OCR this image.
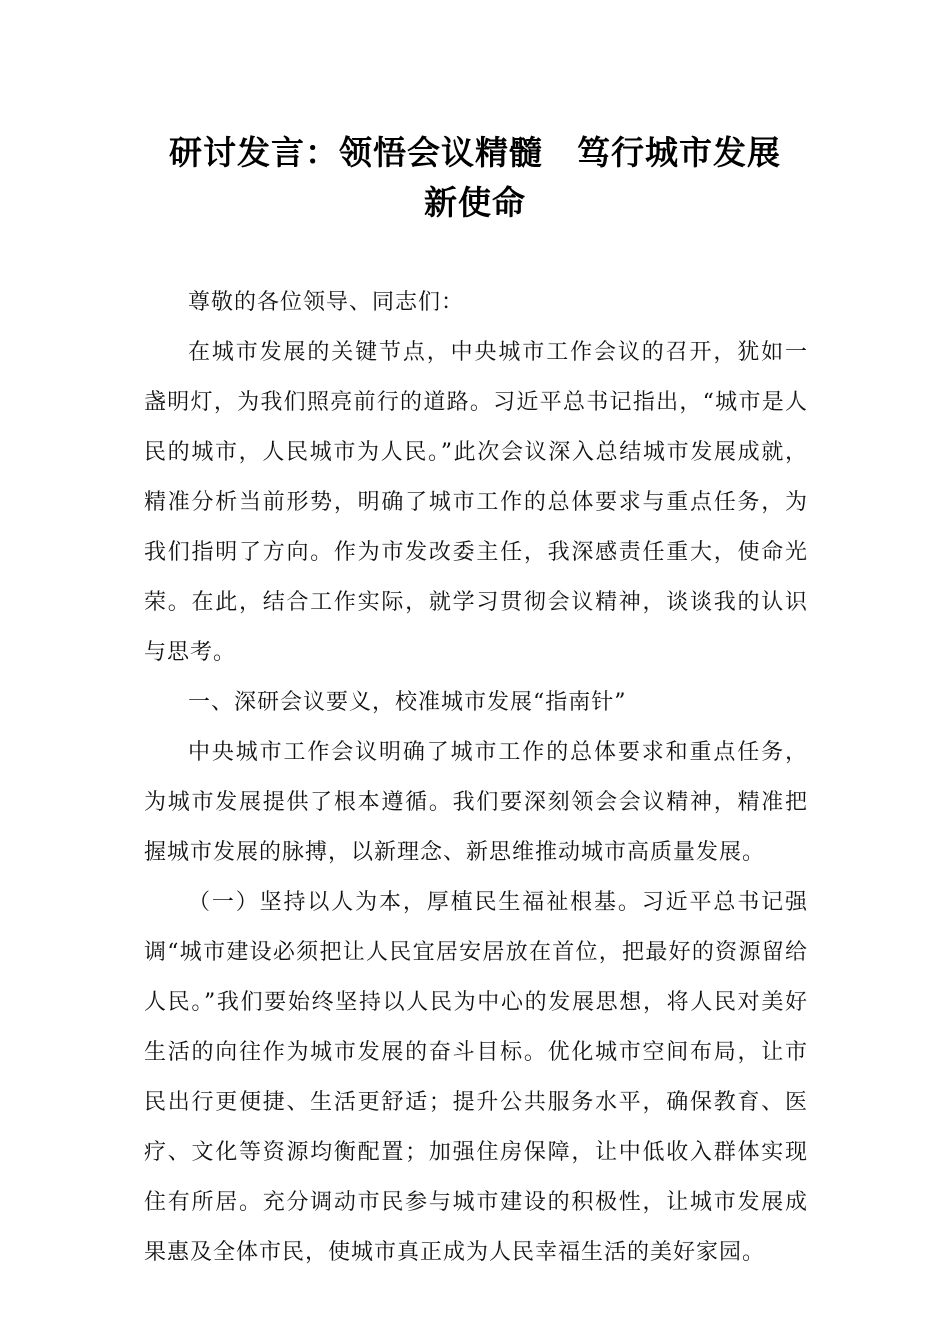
研讨发言：领悟会议精髓　笃行城市发展
新使命

尊敬的各位领导、同志们：

在城市发展的关键节点，中央城市工作会议的召开，犹如一盏明灯，为我们照亮前行的道路。习近平总书记指出，“城市是人民的城市，人民城市为人民。”此次会议深入总结城市发展成就，精准分析当前形势，明确了城市工作的总体要求与重点任务，为我们指明了方向。作为市发改委主任，我深感责任重大，使命光荣。在此，结合工作实际，就学习贯彻会议精神，谈谈我的认识与思考。

一、深研会议要义，校准城市发展“指南针”

中央城市工作会议明确了城市工作的总体要求和重点任务，为城市发展提供了根本遵循。我们要深刻领会会议精神，精准把握城市发展的脉搏，以新理念、新思维推动城市高质量发展。

（一）坚持以人为本，厚植民生福祉根基。习近平总书记强调“城市建设必须把让人民宜居安居放在首位，把最好的资源留给人民。”我们要始终坚持以人民为中心的发展思想，将人民对美好生活的向往作为城市发展的奋斗目标。优化城市空间布局，让市民出行更便捷、生活更舒适；提升公共服务水平，确保教育、医疗、文化等资源均衡配置；加强住房保障，让中低收入群体实现住有所居。充分调动市民参与城市建设的积极性，让城市发展成果惠及全体市民，使城市真正成为人民幸福生活的美好家园。
